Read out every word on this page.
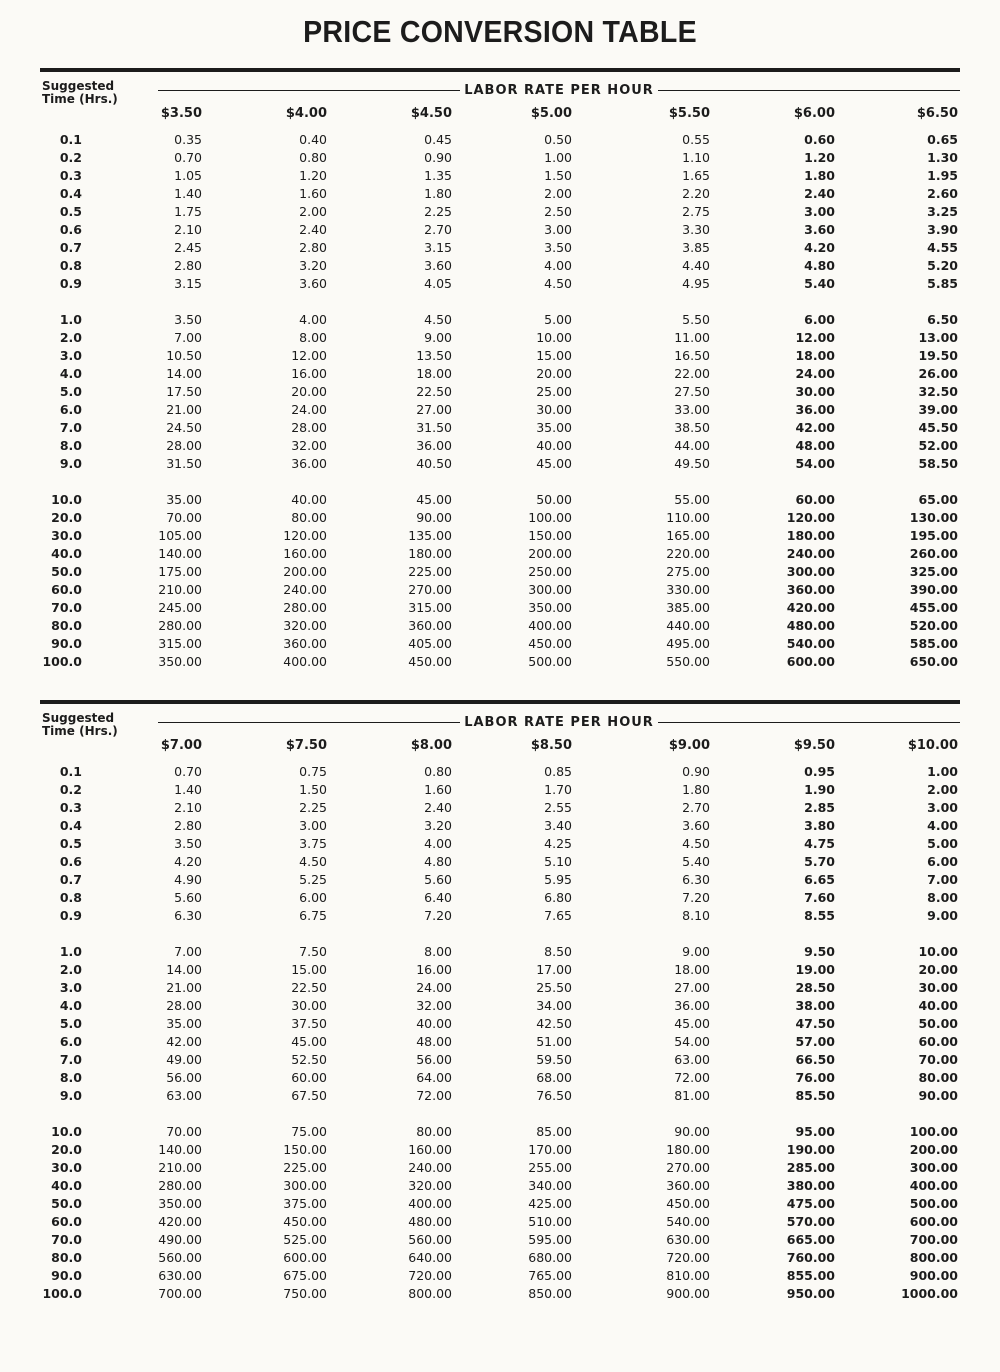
PRICE CONVERSION TABLE
Suggested Time (Hrs.)
LABOR RATE PER HOUR
$3.50	$4.00	$4.50	$5.00	$5.50	$6.00	$6.50
0.1	0.35	0.40	0.45	0.50	0.55	0.60	0.65
0.2	0.70	0.80	0.90	1.00	1.10	1.20	1.30
0.3	1.05	1.20	1.35	1.50	1.65	1.80	1.95
0.4	1.40	1.60	1.80	2.00	2.20	2.40	2.60
0.5	1.75	2.00	2.25	2.50	2.75	3.00	3.25
0.6	2.10	2.40	2.70	3.00	3.30	3.60	3.90
0.7	2.45	2.80	3.15	3.50	3.85	4.20	4.55
0.8	2.80	3.20	3.60	4.00	4.40	4.80	5.20
0.9	3.15	3.60	4.05	4.50	4.95	5.40	5.85
1.0	3.50	4.00	4.50	5.00	5.50	6.00	6.50
2.0	7.00	8.00	9.00	10.00	11.00	12.00	13.00
3.0	10.50	12.00	13.50	15.00	16.50	18.00	19.50
4.0	14.00	16.00	18.00	20.00	22.00	24.00	26.00
5.0	17.50	20.00	22.50	25.00	27.50	30.00	32.50
6.0	21.00	24.00	27.00	30.00	33.00	36.00	39.00
7.0	24.50	28.00	31.50	35.00	38.50	42.00	45.50
8.0	28.00	32.00	36.00	40.00	44.00	48.00	52.00
9.0	31.50	36.00	40.50	45.00	49.50	54.00	58.50
10.0	35.00	40.00	45.00	50.00	55.00	60.00	65.00
20.0	70.00	80.00	90.00	100.00	110.00	120.00	130.00
30.0	105.00	120.00	135.00	150.00	165.00	180.00	195.00
40.0	140.00	160.00	180.00	200.00	220.00	240.00	260.00
50.0	175.00	200.00	225.00	250.00	275.00	300.00	325.00
60.0	210.00	240.00	270.00	300.00	330.00	360.00	390.00
70.0	245.00	280.00	315.00	350.00	385.00	420.00	455.00
80.0	280.00	320.00	360.00	400.00	440.00	480.00	520.00
90.0	315.00	360.00	405.00	450.00	495.00	540.00	585.00
100.0	350.00	400.00	450.00	500.00	550.00	600.00	650.00
Suggested Time (Hrs.)
LABOR RATE PER HOUR
$7.00	$7.50	$8.00	$8.50	$9.00	$9.50	$10.00
0.1	0.70	0.75	0.80	0.85	0.90	0.95	1.00
0.2	1.40	1.50	1.60	1.70	1.80	1.90	2.00
0.3	2.10	2.25	2.40	2.55	2.70	2.85	3.00
0.4	2.80	3.00	3.20	3.40	3.60	3.80	4.00
0.5	3.50	3.75	4.00	4.25	4.50	4.75	5.00
0.6	4.20	4.50	4.80	5.10	5.40	5.70	6.00
0.7	4.90	5.25	5.60	5.95	6.30	6.65	7.00
0.8	5.60	6.00	6.40	6.80	7.20	7.60	8.00
0.9	6.30	6.75	7.20	7.65	8.10	8.55	9.00
1.0	7.00	7.50	8.00	8.50	9.00	9.50	10.00
2.0	14.00	15.00	16.00	17.00	18.00	19.00	20.00
3.0	21.00	22.50	24.00	25.50	27.00	28.50	30.00
4.0	28.00	30.00	32.00	34.00	36.00	38.00	40.00
5.0	35.00	37.50	40.00	42.50	45.00	47.50	50.00
6.0	42.00	45.00	48.00	51.00	54.00	57.00	60.00
7.0	49.00	52.50	56.00	59.50	63.00	66.50	70.00
8.0	56.00	60.00	64.00	68.00	72.00	76.00	80.00
9.0	63.00	67.50	72.00	76.50	81.00	85.50	90.00
10.0	70.00	75.00	80.00	85.00	90.00	95.00	100.00
20.0	140.00	150.00	160.00	170.00	180.00	190.00	200.00
30.0	210.00	225.00	240.00	255.00	270.00	285.00	300.00
40.0	280.00	300.00	320.00	340.00	360.00	380.00	400.00
50.0	350.00	375.00	400.00	425.00	450.00	475.00	500.00
60.0	420.00	450.00	480.00	510.00	540.00	570.00	600.00
70.0	490.00	525.00	560.00	595.00	630.00	665.00	700.00
80.0	560.00	600.00	640.00	680.00	720.00	760.00	800.00
90.0	630.00	675.00	720.00	765.00	810.00	855.00	900.00
100.0	700.00	750.00	800.00	850.00	900.00	950.00	1000.00
